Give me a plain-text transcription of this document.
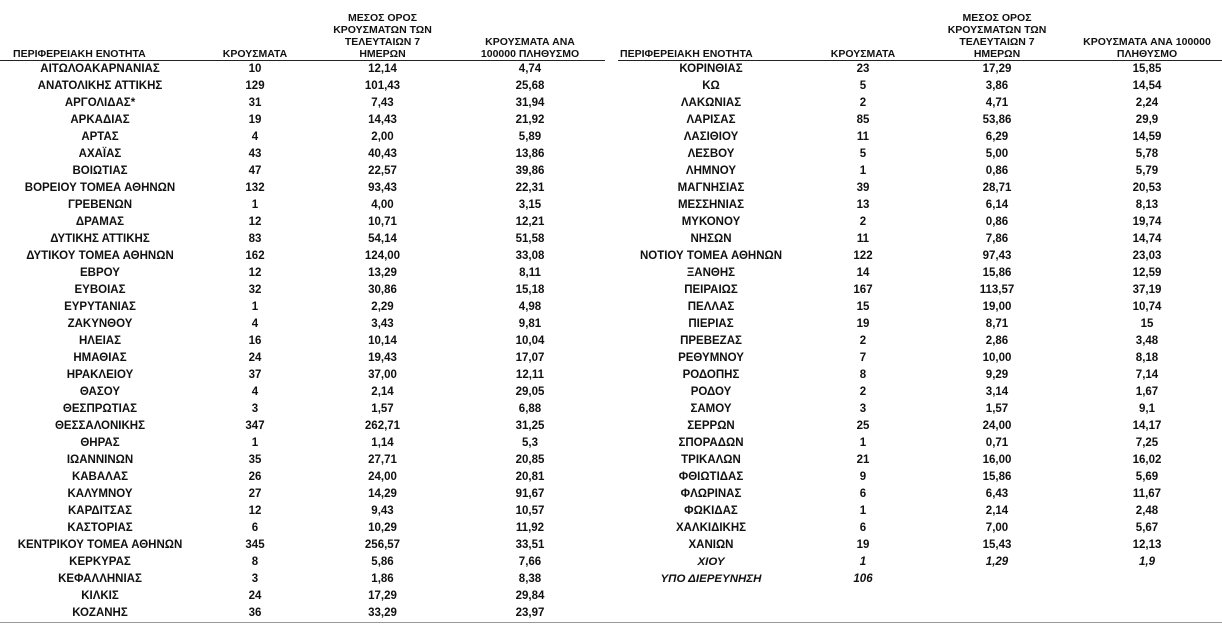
ΠΕΡΙΦΕΡΕΙΑΚΗ ΕΝΟΤΗΤΑ	ΚΡΟΥΣΜΑΤΑ	ΜΕΣΟΣ ΟΡΟΣ ΚΡΟΥΣΜΑΤΩΝ ΤΩΝ ΤΕΛΕΥΤΑΙΩΝ 7 ΗΜΕΡΩΝ	ΚΡΟΥΣΜΑΤΑ ΑΝΑ 100000 ΠΛΗΘΥΣΜΟ

ΑΙΤΩΛΟΑΚΑΡΝΑΝΙΑΣ	10	12,14	4,74
ΑΝΑΤΟΛΙΚΗΣ ΑΤΤΙΚΗΣ	129	101,43	25,68
ΑΡΓΟΛΙΔΑΣ*	31	7,43	31,94
ΑΡΚΑΔΙΑΣ	19	14,43	21,92
ΑΡΤΑΣ	4	2,00	5,89
ΑΧΑΪΑΣ	43	40,43	13,86
ΒΟΙΩΤΙΑΣ	47	22,57	39,86
ΒΟΡΕΙΟΥ ΤΟΜΕΑ ΑΘΗΝΩΝ	132	93,43	22,31
ΓΡΕΒΕΝΩΝ	1	4,00	3,15
ΔΡΑΜΑΣ	12	10,71	12,21
ΔΥΤΙΚΗΣ ΑΤΤΙΚΗΣ	83	54,14	51,58
ΔΥΤΙΚΟΥ ΤΟΜΕΑ ΑΘΗΝΩΝ	162	124,00	33,08
ΕΒΡΟΥ	12	13,29	8,11
ΕΥΒΟΙΑΣ	32	30,86	15,18
ΕΥΡΥΤΑΝΙΑΣ	1	2,29	4,98
ΖΑΚΥΝΘΟΥ	4	3,43	9,81
ΗΛΕΙΑΣ	16	10,14	10,04
ΗΜΑΘΙΑΣ	24	19,43	17,07
ΗΡΑΚΛΕΙΟΥ	37	37,00	12,11
ΘΑΣΟΥ	4	2,14	29,05
ΘΕΣΠΡΩΤΙΑΣ	3	1,57	6,88
ΘΕΣΣΑΛΟΝΙΚΗΣ	347	262,71	31,25
ΘΗΡΑΣ	1	1,14	5,3
ΙΩΑΝΝΙΝΩΝ	35	27,71	20,85
ΚΑΒΑΛΑΣ	26	24,00	20,81
ΚΑΛΥΜΝΟΥ	27	14,29	91,67
ΚΑΡΔΙΤΣΑΣ	12	9,43	10,57
ΚΑΣΤΟΡΙΑΣ	6	10,29	11,92
ΚΕΝΤΡΙΚΟΥ ΤΟΜΕΑ ΑΘΗΝΩΝ	345	256,57	33,51
ΚΕΡΚΥΡΑΣ	8	5,86	7,66
ΚΕΦΑΛΛΗΝΙΑΣ	3	1,86	8,38
ΚΙΛΚΙΣ	24	17,29	29,84
ΚΟΖΑΝΗΣ	36	33,29	23,97
ΠΕΡΙΦΕΡΕΙΑΚΗ ΕΝΟΤΗΤΑ	ΚΡΟΥΣΜΑΤΑ	ΜΕΣΟΣ ΟΡΟΣ ΚΡΟΥΣΜΑΤΩΝ ΤΩΝ ΤΕΛΕΥΤΑΙΩΝ 7 ΗΜΕΡΩΝ	ΚΡΟΥΣΜΑΤΑ ΑΝΑ 100000 ΠΛΗΘΥΣΜΟ

ΚΟΡΙΝΘΙΑΣ	23	17,29	15,85
ΚΩ	5	3,86	14,54
ΛΑΚΩΝΙΑΣ	2	4,71	2,24
ΛΑΡΙΣΑΣ	85	53,86	29,9
ΛΑΣΙΘΙΟΥ	11	6,29	14,59
ΛΕΣΒΟΥ	5	5,00	5,78
ΛΗΜΝΟΥ	1	0,86	5,79
ΜΑΓΝΗΣΙΑΣ	39	28,71	20,53
ΜΕΣΣΗΝΙΑΣ	13	6,14	8,13
ΜΥΚΟΝΟΥ	2	0,86	19,74
ΝΗΣΩΝ	11	7,86	14,74
ΝΟΤΙΟΥ ΤΟΜΕΑ ΑΘΗΝΩΝ	122	97,43	23,03
ΞΑΝΘΗΣ	14	15,86	12,59
ΠΕΙΡΑΙΩΣ	167	113,57	37,19
ΠΕΛΛΑΣ	15	19,00	10,74
ΠΙΕΡΙΑΣ	19	8,71	15
ΠΡΕΒΕΖΑΣ	2	2,86	3,48
ΡΕΘΥΜΝΟΥ	7	10,00	8,18
ΡΟΔΟΠΗΣ	8	9,29	7,14
ΡΟΔΟΥ	2	3,14	1,67
ΣΑΜΟΥ	3	1,57	9,1
ΣΕΡΡΩΝ	25	24,00	14,17
ΣΠΟΡΑΔΩΝ	1	0,71	7,25
ΤΡΙΚΑΛΩΝ	21	16,00	16,02
ΦΘΙΩΤΙΔΑΣ	9	15,86	5,69
ΦΛΩΡΙΝΑΣ	6	6,43	11,67
ΦΩΚΙΔΑΣ	1	2,14	2,48
ΧΑΛΚΙΔΙΚΗΣ	6	7,00	5,67
ΧΑΝΙΩΝ	19	15,43	12,13
ΧΙΟΥ	1	1,29	1,9
ΥΠΟ ΔΙΕΡΕΥΝΗΣΗ	106		
